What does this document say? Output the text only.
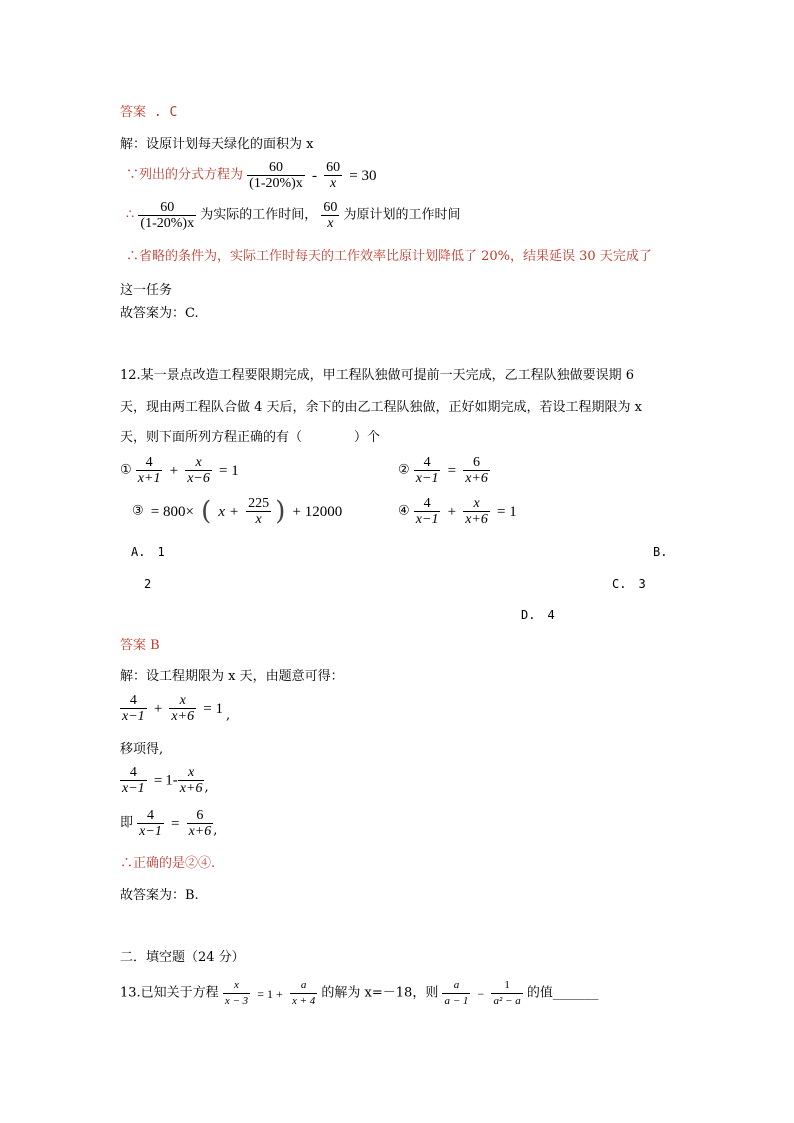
答案 . C
解：设原计划每天绿化的面积为 x
∵列出的分式方程为 $\frac{60}{(1-20\%)x} - \frac{60}{x} = 30$
∴ $\frac{60}{(1-20\%)x}$ 为实际的工作时间， $\frac{60}{x}$ 为原计划的工作时间
∴省略的条件为，实际工作时每天的工作效率比原计划降低了 20%，结果延误 30 天完成了
这一任务
故答案为：C.
12.某一景点改造工程要限期完成，甲工程队独做可提前一天完成，乙工程队独做要误期 6
天，现由两工程队合做 4 天后，余下的由乙工程队独做，正好如期完成，若设工程期限为 x
天，则下面所列方程正确的有（　　　　）个
① $\frac{4}{x+1} + \frac{x}{x-6} = 1$	② $\frac{4}{x-1} = \frac{6}{x+6}$
③ = 800× ( $x + \frac{225}{x}$ ) + 12000	④ $\frac{4}{x-1} + \frac{x}{x+6} = 1$
A.　1	B.
2	C.　3
D.　4
答案 B
解：设工程期限为 x 天，由题意可得：
$\frac{4}{x-1} + \frac{x}{x+6} = 1$ ,
移项得,
$\frac{4}{x-1} = 1- \frac{x}{x+6}$ ,
即 $\frac{4}{x-1} = \frac{6}{x+6}$ ,
∴正确的是②④.
故答案为：B.
二．填空题（24 分）
13.已知关于方程 $\frac{x}{x - 3} = 1 + \frac{a}{x + 4}$ 的解为 x=－18，则 $\frac{a}{a - 1} - \frac{1}{\text{a² − a}}$ 的值_______
